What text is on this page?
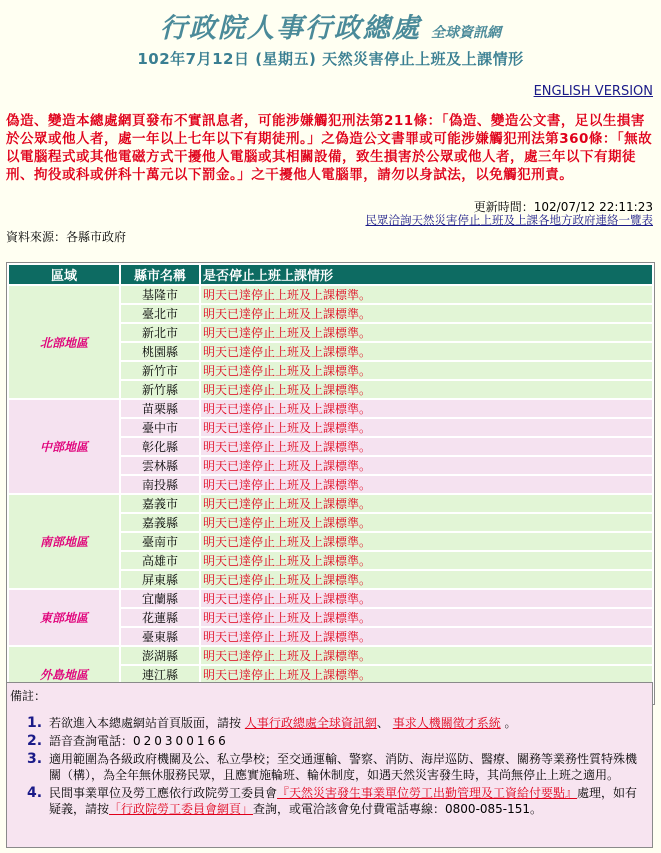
行政院人事行政總處 全球資訊網
102年7月12日 (星期五) 天然災害停止上班及上課情形
ENGLISH VERSION
偽造、變造本總處網頁發布不實訊息者，可能涉嫌觸犯刑法第211條：「偽造、變造公文書，足以生損害於公眾或他人者，處一年以上七年以下有期徒刑。」之偽造公文書罪或可能涉嫌觸犯刑法第360條：「無故以電腦程式或其他電磁方式干擾他人電腦或其相關設備，致生損害於公眾或他人者，處三年以下有期徒刑、拘役或科或併科十萬元以下罰金。」之干擾他人電腦罪，請勿以身試法，以免觸犯刑責。
更新時間：102/07/12 22:11:23
民眾洽詢天然災害停止上班及上課各地方政府連絡一覽表
資料來源：各縣市政府
區域	縣市名稱	是否停止上班上課情形
北部地區	基隆市	明天已達停止上班及上課標準。
	臺北市	明天已達停止上班及上課標準。
	新北市	明天已達停止上班及上課標準。
	桃園縣	明天已達停止上班及上課標準。
	新竹市	明天已達停止上班及上課標準。
	新竹縣	明天已達停止上班及上課標準。
中部地區	苗栗縣	明天已達停止上班及上課標準。
	臺中市	明天已達停止上班及上課標準。
	彰化縣	明天已達停止上班及上課標準。
	雲林縣	明天已達停止上班及上課標準。
	南投縣	明天已達停止上班及上課標準。
南部地區	嘉義市	明天已達停止上班及上課標準。
	嘉義縣	明天已達停止上班及上課標準。
	臺南市	明天已達停止上班及上課標準。
	高雄市	明天已達停止上班及上課標準。
	屏東縣	明天已達停止上班及上課標準。
東部地區	宜蘭縣	明天已達停止上班及上課標準。
	花蓮縣	明天已達停止上班及上課標準。
	臺東縣	明天已達停止上班及上課標準。
外島地區	澎湖縣	明天已達停止上班及上課標準。
	連江縣	明天已達停止上班及上課標準。

備註：
1. 若欲進入本總處網站首頁版面，請按 人事行政總處全球資訊網、 事求人機關徵才系統 。
2. 語音查詢電話：020300166
3. 適用範圍為各級政府機關及公、私立學校；至交通運輸、警察、消防、海岸巡防、醫療、關務等業務性質特殊機關（構），為全年無休服務民眾，且應實施輪班、輪休制度，如遇天然災害發生時，其尚無停止上班之適用。
4. 民間事業單位及勞工應依行政院勞工委員會『天然災害發生事業單位勞工出勤管理及工資給付要點』處理，如有疑義，請按「行政院勞工委員會網頁」查詢，或電洽該會免付費電話專線：0800-085-151。
